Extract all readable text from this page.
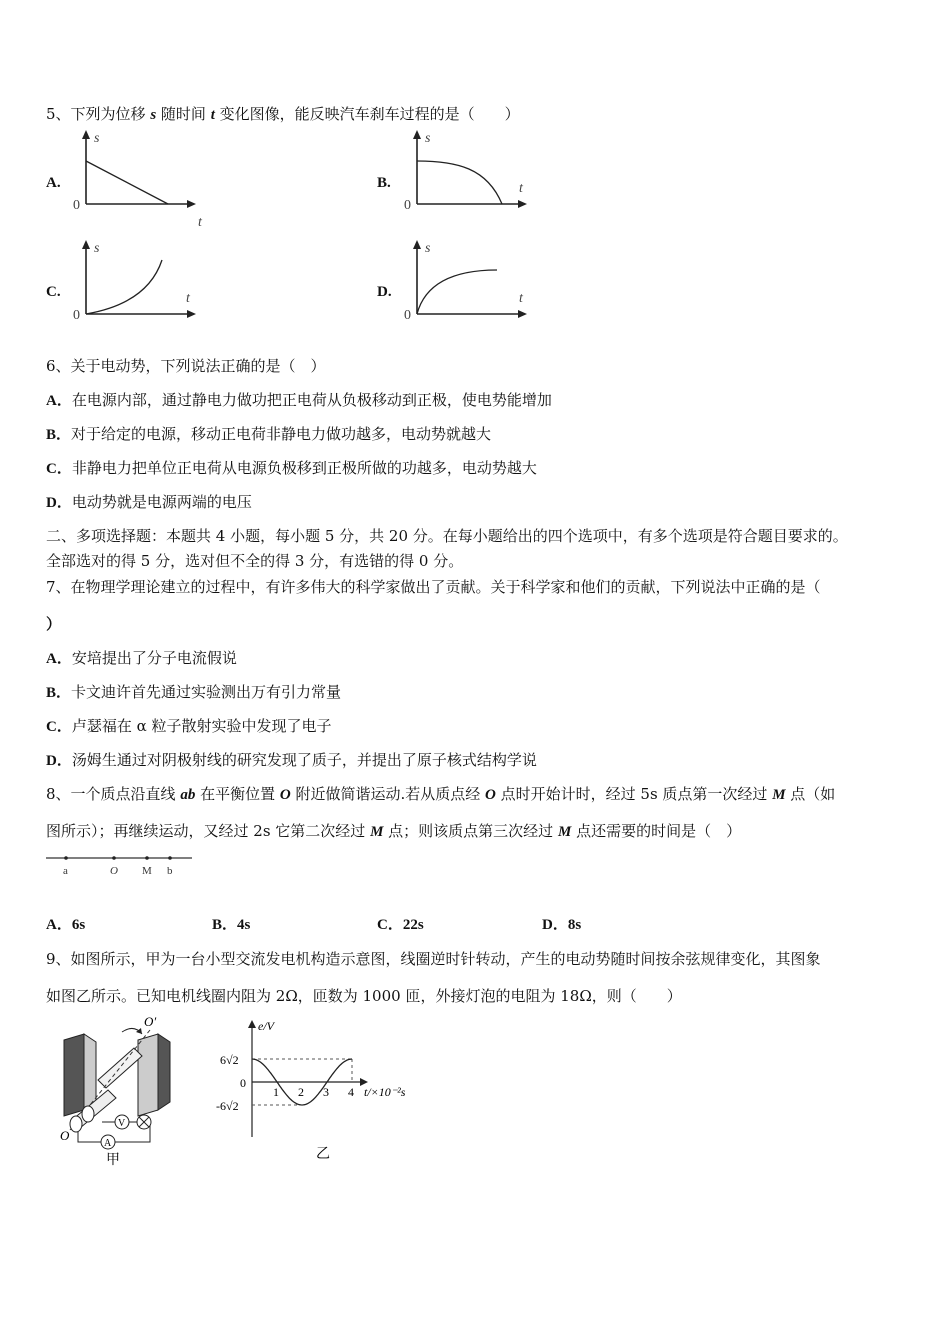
5、下列为位移 s 随时间 t 变化图像，能反映汽车刹车过程的是（　　）
A.
s
t
0
B.
s
t
0
C.
s
t
0
D.
s
t
0
6、关于电动势，下列说法正确的是（　）
A．在电源内部，通过静电力做功把正电荷从负极移动到正极，使电势能增加
B．对于给定的电源，移动正电荷非静电力做功越多，电动势就越大
C．非静电力把单位正电荷从电源负极移到正极所做的功越多，电动势越大
D．电动势就是电源两端的电压
二、多项选择题：本题共 4 小题，每小题 5 分，共 20 分。在每小题给出的四个选项中，有多个选项是符合题目要求的。
全部选对的得 5 分，选对但不全的得 3 分，有选错的得 0 分。
7、在物理学理论建立的过程中，有许多伟大的科学家做出了贡献。关于科学家和他们的贡献，下列说法中正确的是（
）
A．安培提出了分子电流假说
B．卡文迪许首先通过实验测出万有引力常量
C．卢瑟福在 α 粒子散射实验中发现了电子
D．汤姆生通过对阴极射线的研究发现了质子，并提出了原子核式结构学说
8、一个质点沿直线 ab 在平衡位置 O 附近做简谐运动.若从质点经 O 点时开始计时，经过 5s 质点第一次经过 M 点（如
图所示）；再继续运动，又经过 2s 它第二次经过 M 点；则该质点第三次经过 M 点还需要的时间是（　）
a	O M b
A．6s	B．4s	C．22s	D．8s
9、如图所示，甲为一台小型交流发电机构造示意图，线圈逆时针转动，产生的电动势随时间按余弦规律变化，其图象
如图乙所示。已知电机线圈内阻为 2Ω，匝数为 1000 匝，外接灯泡的电阻为 18Ω，则（　　）
A
V
O′
O
甲
e/V
6√2
0
-6√2
1 2 3 4 t/×10⁻²s
乙
